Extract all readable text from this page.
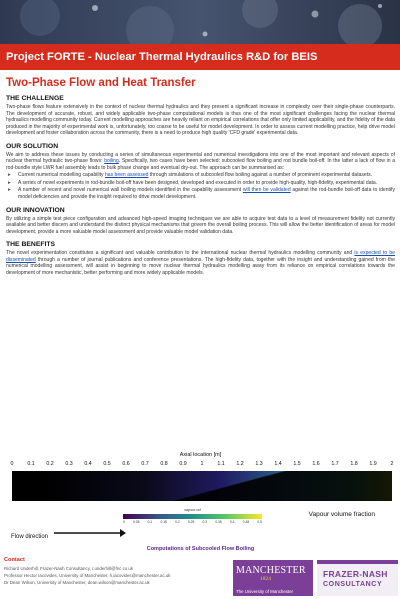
Project FORTE - Nuclear Thermal Hydraulics R&D for BEIS
Two-Phase Flow and Heat Transfer
THE CHALLENGE

Two-phase flows feature extensively in the context of nuclear thermal hydraulics and they present a significant increase in complexity over their single-phase counterparts. The development of accurate, robust, and widely applicable two-phase computational models is thus one of the most significant challenges facing the nuclear thermal hydraulics modelling community today. Current modelling approaches are heavily reliant on empirical correlations that offer only limited applicability, and the fidelity of the data produced in the majority of experimental work is, unfortunately, too coarse to be useful for model development. In order to assess current modelling practice, help drive model development and foster collaboration across the community, there is a need to produce high quality 'CFD grade' experimental data.

OUR SOLUTION

We aim to address these issues by conducting a series of simultaneous experimental and numerical investigations into one of the most important and relevant aspects of nuclear thermal hydraulic two-phase flows: boiling. Specifically, two cases have been selected: subcooled flow boiling and rod bundle boil-off. In the latter a lack of flow in a rod-bundle style LWR fuel assembly leads to bulk phase change and eventual dry-out. The approach can be summarised as:

▸ Current numerical modelling capability has been assessed through simulations of subcooled flow boiling against a number of prominent experimental datasets.
▸ A series of novel experiments in rod-bundle boil-off have been designed, developed and executed in order to provide high-quality, high-fidelity, experimental data.
▸ A number of recent and novel numerical wall boiling models identified in the capability assessment will then be validated against the rod-bundle boil-off data to identify model deficiencies and provide the insight required to drive model development.
OUR INNOVATION

By utilizing a simple test piece configuration and advanced high-speed imaging techniques we are able to acquire test data to a level of measurement fidelity not currently available and better discern and understand the distinct physical mechanisms that govern the overall boiling process. This will allow the better identification of areas for model development, provide a more valuable model assessment and provide valuable model validation data.

THE BENEFITS

The novel experimentation constitutes a significant and valuable contribution to the international nuclear thermal hydraulics modelling community and is expected to be disseminated through a number of journal publications and conference presentations. The high-fidelity data, together with the insight and understanding gained from the numerical modelling assessment, will assist in beginning to move nuclear thermal hydraulics modelling away from its reliance on empirical correlations towards the development of more mechanistic, better performing and more widely applicable models.

Axial location [m]
0	0.1 0.2 0.3 0.4 0.5 0.6 0.7 0.8 0.9	1	1.1 1.2 1.3 1.4 1.5 1.6 1.7 1.8 1.9	2
vapour.vof
0 0.05 0.1 0.15 0.2 0.25 0.3 0.35 0.4 0.45 0.5
Vapour volume fraction
Flow direction
Computations of Subcooled Flow Boiling
Contact
Richard Underhill, Frazer-Nash Consultancy, r.underhill@fnc.co.uk
Professor Hector Iacovides, University of Manchester, h.iacovides@manchester.ac.uk
Dr Dean Wilson, University of Manchester, dean.wilson@manchester.ac.uk
MANCHESTER
1824
The University of Manchester
FRAZER-NASH
CONSULTANCY
